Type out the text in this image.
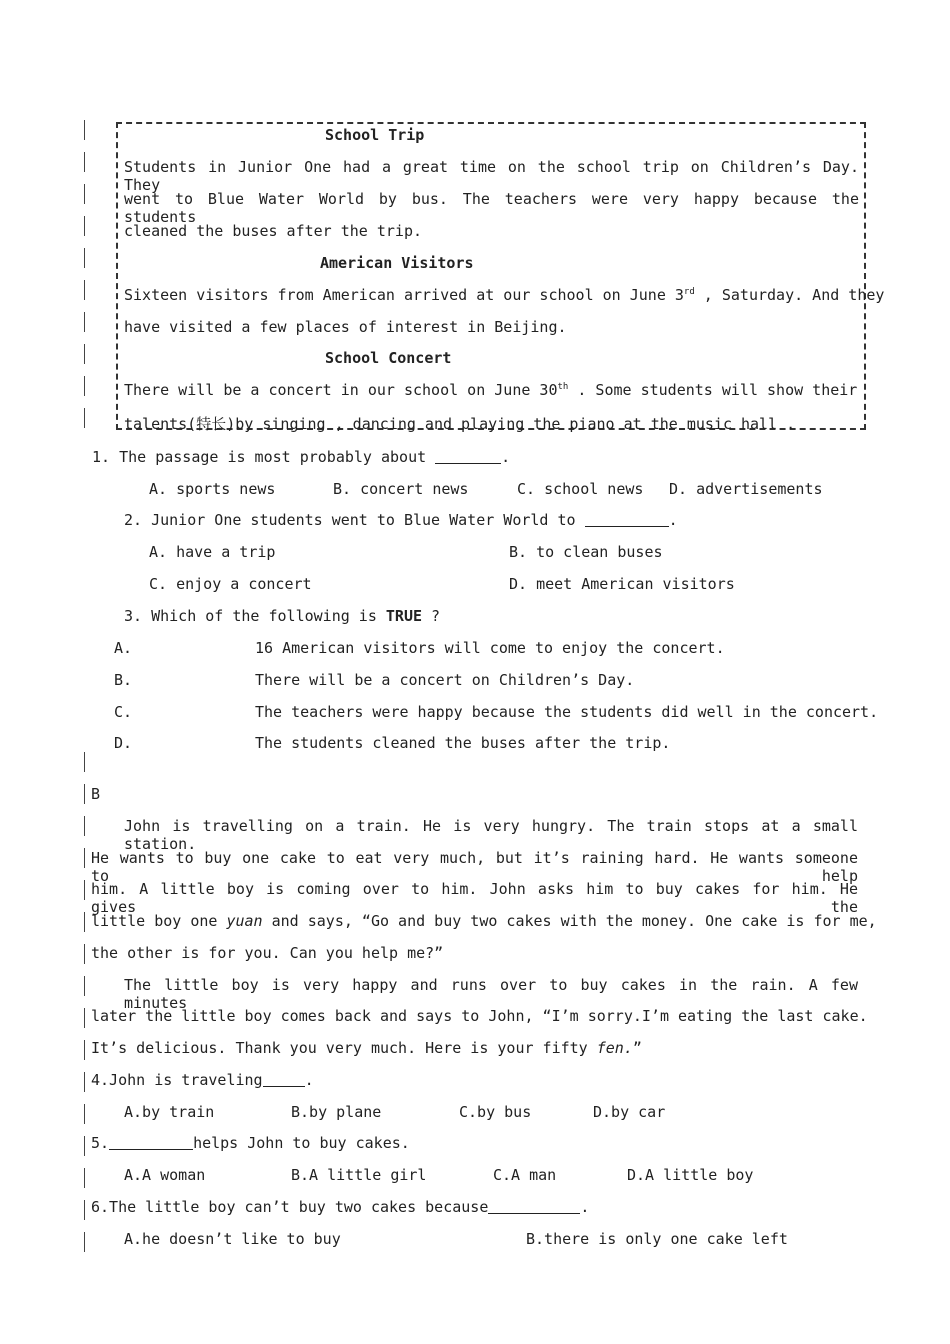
School Trip
Students in Junior One had a great time on the school trip on Children’s Day. They
went to Blue Water World by bus. The teachers were very happy because the students
cleaned the buses after the trip.
American Visitors
Sixteen visitors from American arrived at our school on June 3rd , Saturday. And they
have visited a few places of interest in Beijing.
School Concert
There will be a concert in our school on June 30th . Some students will show their
talents(特长)by singing , dancing and playing the piano at the music hall .
1. The passage is most probably about	.
A. sports news	B. concert news	C. school news D. advertisements
2. Junior One students went to Blue Water World to	.
A. have a trip	B. to clean buses
C. enjoy a concert	D. meet American visitors
3. Which of the following is TRUE ?
A.	16 American visitors will come to enjoy the concert.
B.	There will be a concert on Children’s Day.
C.	The teachers were happy because the students did well in the concert.
D.	The students cleaned the buses after the trip.
B
John is travelling on a train. He is very hungry. The train stops at a small station.
He wants to buy one cake to eat very much, but it’s raining hard. He wants someone to help
him. A little boy is coming over to him. John asks him to buy cakes for him. He gives the
little boy one yuan and says, “Go and buy two cakes with the money. One cake is for me,
the other is for you. Can you help me?”
The little boy is very happy and runs over to buy cakes in the rain. A few minutes
later the little boy comes back and says to John, “I’m sorry.I’m eating the last cake.
It’s delicious. Thank you very much. Here is your fifty fen.”
4.John is traveling	.
A.by train	B.by plane	C.by bus	D.by car
5.	helps John to buy cakes.
A.A woman	B.A little girl	C.A man	D.A little boy
6.The little boy can’t buy two cakes because	.
A.he doesn’t like to buy	B.there is only one cake left
